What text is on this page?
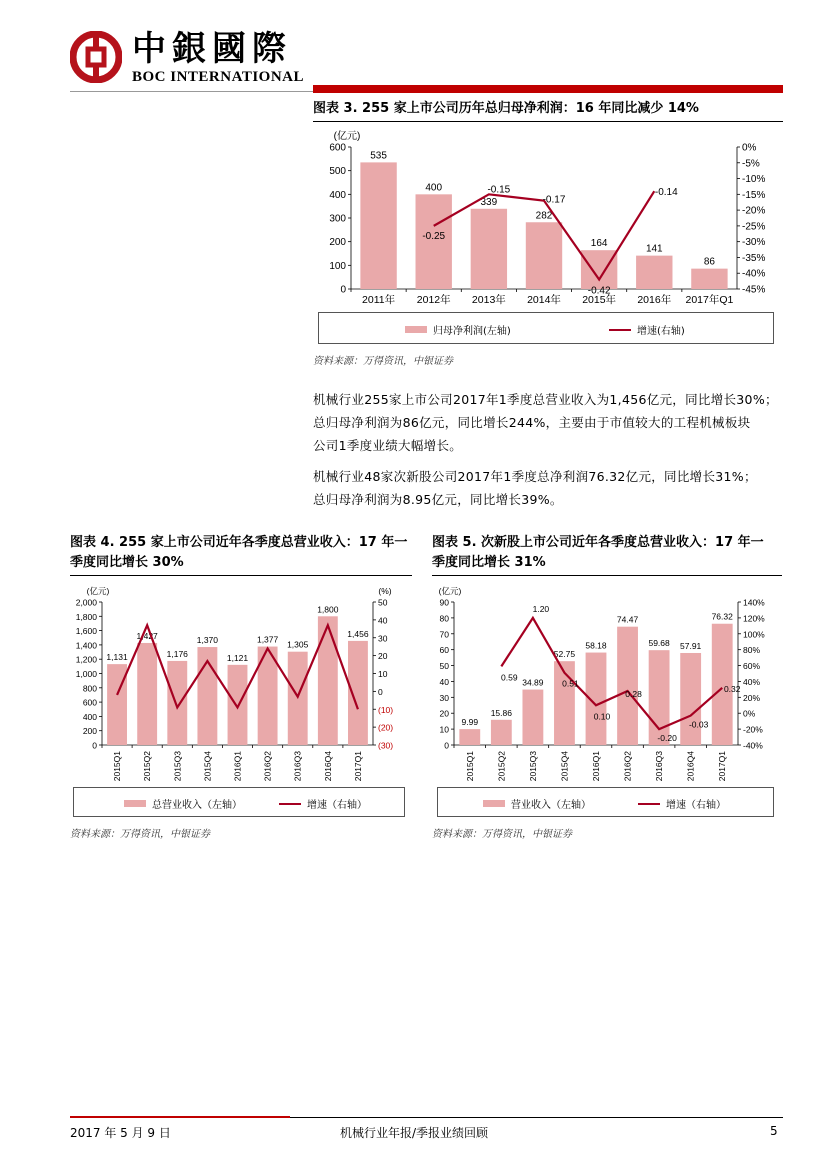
中銀國際
BOC INTERNATIONAL
图表 3. 255 家上市公司历年总归母净利润：16 年同比减少 14%
(亿元)
0
100
200
300
400
500
600
-45%
-40%
-35%
-30%
-25%
-20%
-15%
-10%
-5%
0%
535
2011年
400
2012年
339
2013年
282
2014年
164
2015年
141
2016年
86
2017年Q1
-0.25
-0.15
-0.17
-0.42
-0.14
归母净利润(左轴)	增速(右轴)
资料来源：万得资讯，中银证券
机械行业255家上市公司2017年1季度总营业收入为1,456亿元，同比增长30%；
总归母净利润为86亿元，同比增长244%，主要由于市值较大的工程机械板块
公司1季度业绩大幅增长。
机械行业48家次新股公司2017年1季度总净利润76.32亿元，同比增长31%；
总归母净利润为8.95亿元，同比增长39%。
图表 4. 255 家上市公司近年各季度总营业收入：17 年一
季度同比增长 30%
(亿元)	(%)
0
200
400
600
800
1,000
1,200
1,400
1,600
1,800
2,000
(30)
(20)
(10)
0
10
20
30
40
50
1,131
2015Q1
1,427
2015Q2
1,176
2015Q3
1,370
2015Q4
1,121
2016Q1
1,377
2016Q2
1,305
2016Q3
1,800
2016Q4
1,456
2017Q1
总营业收入（左轴）	增速（右轴）
资料来源：万得资讯，中银证券
图表 5. 次新股上市公司近年各季度总营业收入：17 年一
季度同比增长 31%
(亿元)
0
10
20
30
40
50
60
70
80
90
-40%
-20%
0%
20%
40%
60%
80%
100%
120%
140%
9.99
2015Q1
15.86
2015Q2
34.89
2015Q3
52.75
2015Q4
58.18
2016Q1
74.47
2016Q2
59.68
2016Q3
57.91
2016Q4
76.32
2017Q1
0.59
1.20
0.51
0.10
0.28
-0.20
-0.03
0.32
营业收入（左轴）	增速（右轴）
资料来源：万得资讯，中银证券
2017 年 5 月 9 日	机械行业年报/季报业绩回顾	5
